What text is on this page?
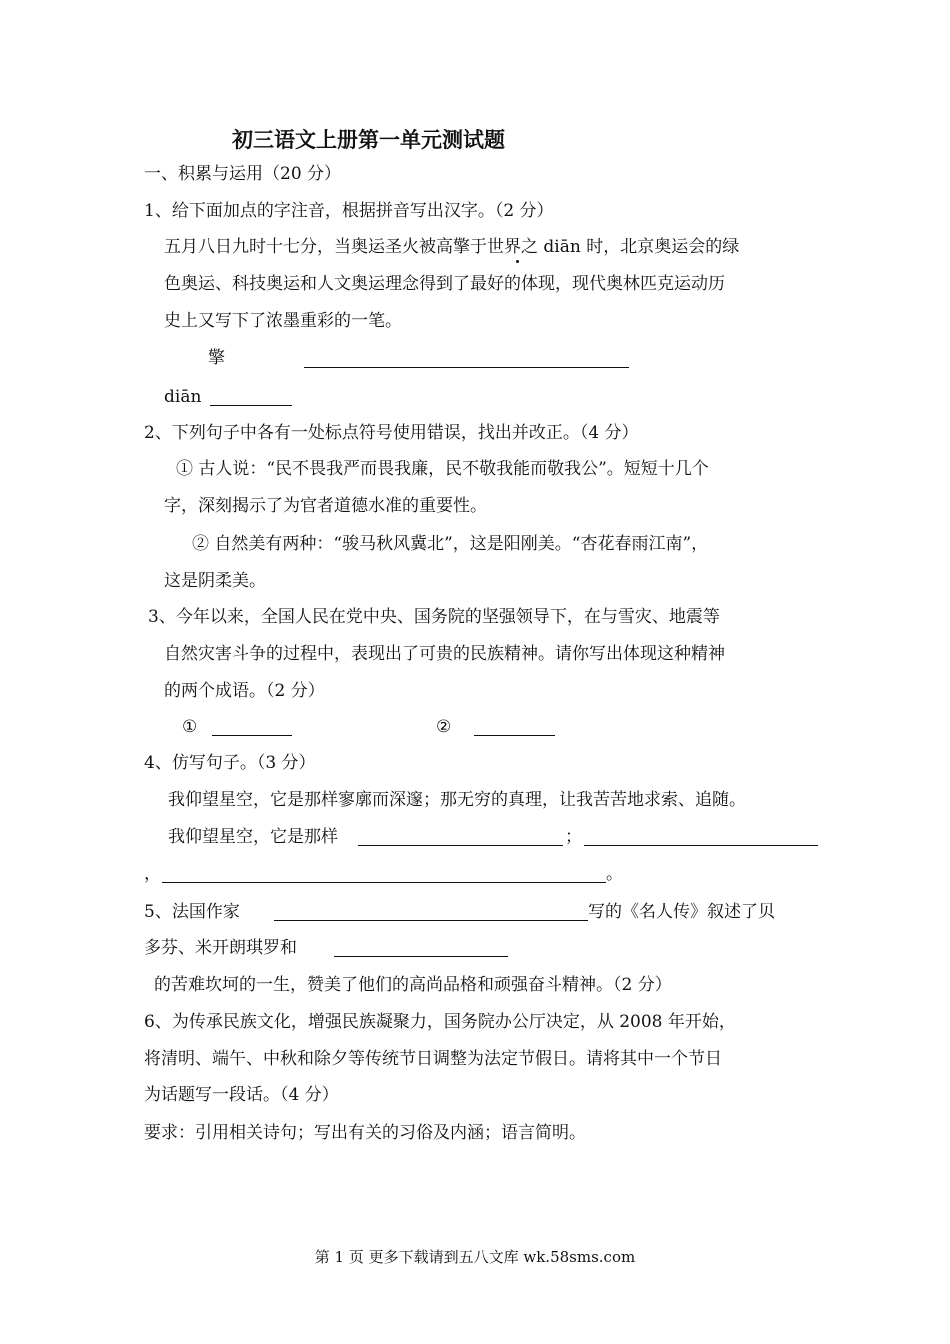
初三语文上册第一单元测试题
一、积累与运用（20 分）
1、给下面加点的字注音，根据拼音写出汉字。（2 分）
五月八日九时十七分，当奥运圣火被高擎于世界之 diān 时，北京奥运会的绿
色奥运、科技奥运和人文奥运理念得到了最好的体现，现代奥林匹克运动历
史上又写下了浓墨重彩的一笔。
擎
diān
2、下列句子中各有一处标点符号使用错误，找出并改正。（4 分）
① 古人说：“民不畏我严而畏我廉，民不敬我能而敬我公”。短短十几个
字，深刻揭示了为官者道德水准的重要性。
② 自然美有两种：“骏马秋风冀北”，这是阳刚美。“杏花春雨江南”，
这是阴柔美。
3、今年以来，全国人民在党中央、国务院的坚强领导下，在与雪灾、地震等
自然灾害斗争的过程中，表现出了可贵的民族精神。请你写出体现这种精神
的两个成语。（2 分）
①	②
4、仿写句子。（3 分）
我仰望星空，它是那样寥廓而深邃；那无穷的真理，让我苦苦地求索、追随。
我仰望星空，它是那样	；
，	。
5、法国作家	写的《名人传》叙述了贝
多芬、米开朗琪罗和
的苦难坎坷的一生，赞美了他们的高尚品格和顽强奋斗精神。（2 分）
6、为传承民族文化，增强民族凝聚力，国务院办公厅决定，从 2008 年开始，
将清明、端午、中秋和除夕等传统节日调整为法定节假日。请将其中一个节日
为话题写一段话。（4 分）
要求：引用相关诗句；写出有关的习俗及内涵；语言简明。
第 1 页 更多下载请到五八文库 wk.58sms.com
